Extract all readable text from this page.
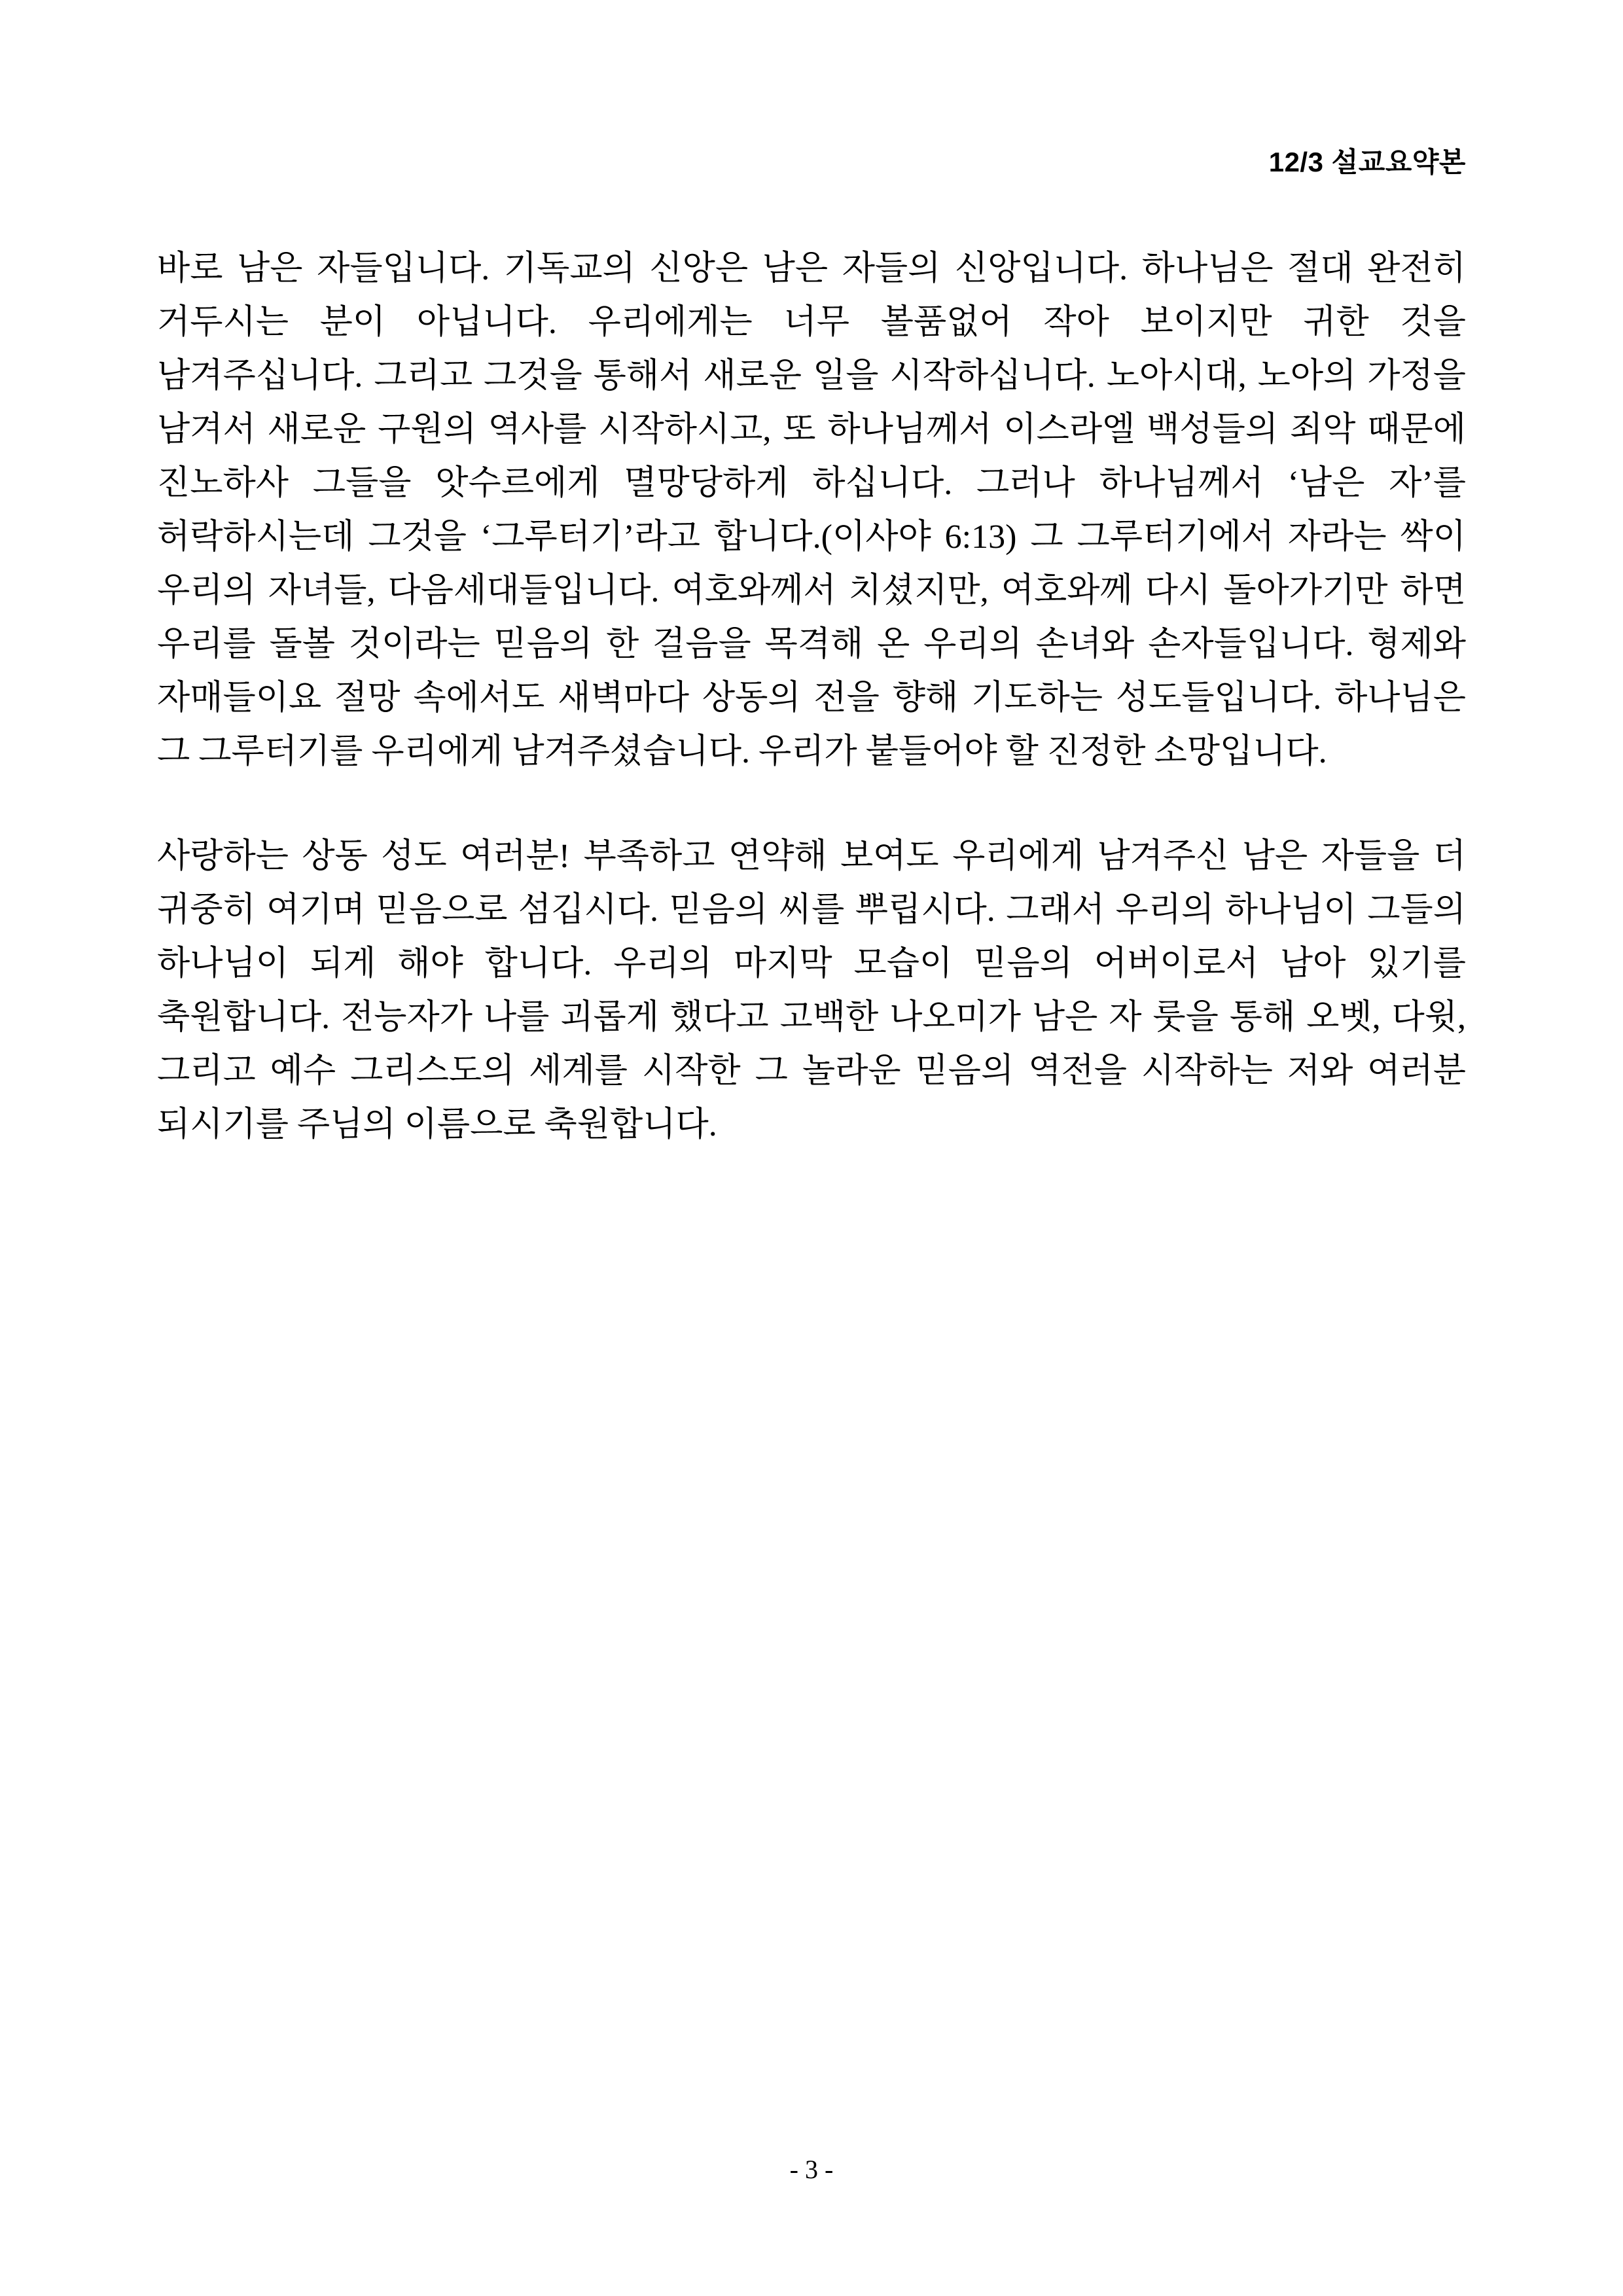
12/3 설교요약본

바로 남은 자들입니다. 기독교의 신앙은 남은 자들의 신앙입니다. 하나님은 절대 완전히 거두시는 분이 아닙니다. 우리에게는 너무 볼품없어 작아 보이지만 귀한 것을 남겨주십니다. 그리고 그것을 통해서 새로운 일을 시작하십니다. 노아시대, 노아의 가정을 남겨서 새로운 구원의 역사를 시작하시고, 또 하나님께서 이스라엘 백성들의 죄악 때문에 진노하사 그들을 앗수르에게 멸망당하게 하십니다. 그러나 하나님께서 ‘남은 자’를 허락하시는데 그것을 ‘그루터기’라고 합니다.(이사야 6:13) 그 그루터기에서 자라는 싹이 우리의 자녀들, 다음세대들입니다. 여호와께서 치셨지만, 여호와께 다시 돌아가기만 하면 우리를 돌볼 것이라는 믿음의 한 걸음을 목격해 온 우리의 손녀와 손자들입니다. 형제와 자매들이요 절망 속에서도 새벽마다 상동의 전을 향해 기도하는 성도들입니다. 하나님은 그 그루터기를 우리에게 남겨주셨습니다. 우리가 붙들어야 할 진정한 소망입니다.

사랑하는 상동 성도 여러분! 부족하고 연약해 보여도 우리에게 남겨주신 남은 자들을 더 귀중히 여기며 믿음으로 섬깁시다. 믿음의 씨를 뿌립시다. 그래서 우리의 하나님이 그들의 하나님이 되게 해야 합니다. 우리의 마지막 모습이 믿음의 어버이로서 남아 있기를 축원합니다. 전능자가 나를 괴롭게 했다고 고백한 나오미가 남은 자 룻을 통해 오벳, 다윗, 그리고 예수 그리스도의 세계를 시작한 그 놀라운 믿음의 역전을 시작하는 저와 여러분 되시기를 주님의 이름으로 축원합니다.

- 3 -
